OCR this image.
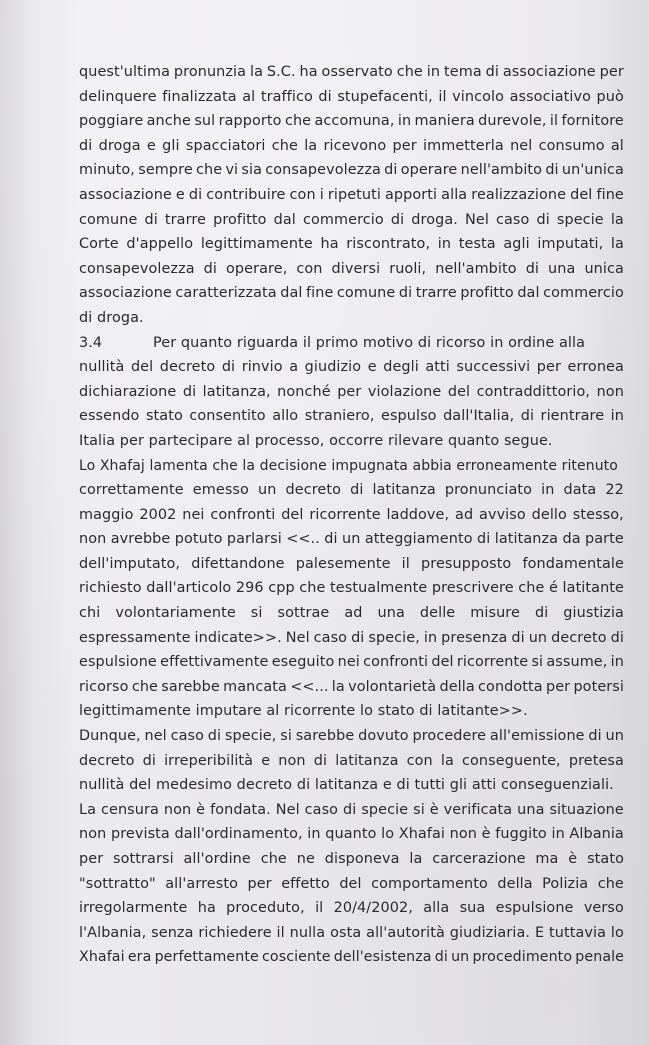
quest'ultima pronunzia la S.C. ha osservato che in tema di associazione per
delinquere finalizzata al traffico di stupefacenti, il vincolo associativo può
poggiare anche sul rapporto che accomuna, in maniera durevole, il fornitore
di droga e gli spacciatori che la ricevono per immetterla nel consumo al
minuto, sempre che vi sia consapevolezza di operare nell'ambito di un'unica
associazione e di contribuire con i ripetuti apporti alla realizzazione del fine
comune di trarre profitto dal commercio di droga. Nel caso di specie la
Corte d'appello legittimamente ha riscontrato, in testa agli imputati, la
consapevolezza di operare, con diversi ruoli, nell'ambito di una unica
associazione caratterizzata dal fine comune di trarre profitto dal commercio
di droga.
3.4	Per quanto riguarda il primo motivo di ricorso in ordine alla
nullità del decreto di rinvio a giudizio e degli atti successivi per erronea
dichiarazione di latitanza, nonché per violazione del contraddittorio, non
essendo stato consentito allo straniero, espulso dall'Italia, di rientrare in
Italia per partecipare al processo, occorre rilevare quanto segue.
Lo Xhafaj lamenta che la decisione impugnata abbia erroneamente ritenuto
correttamente emesso un decreto di latitanza pronunciato in data 22
maggio 2002 nei confronti del ricorrente laddove, ad avviso dello stesso,
non avrebbe potuto parlarsi <<.. di un atteggiamento di latitanza da parte
dell'imputato, difettandone palesemente il presupposto fondamentale
richiesto dall'articolo 296 cpp che testualmente prescrivere che é latitante
chi volontariamente si sottrae ad una delle misure di giustizia
espressamente indicate>>. Nel caso di specie, in presenza di un decreto di
espulsione effettivamente eseguito nei confronti del ricorrente si assume, in
ricorso che sarebbe mancata <<... la volontarietà della condotta per potersi
legittimamente imputare al ricorrente lo stato di latitante>>.
Dunque, nel caso di specie, si sarebbe dovuto procedere all'emissione di un
decreto di irreperibilità e non di latitanza con la conseguente, pretesa
nullità del medesimo decreto di latitanza e di tutti gli atti conseguenziali.
La censura non è fondata. Nel caso di specie si è verificata una situazione
non prevista dall'ordinamento, in quanto lo Xhafai non è fuggito in Albania
per sottrarsi all'ordine che ne disponeva la carcerazione ma è stato
"sottratto" all'arresto per effetto del comportamento della Polizia che
irregolarmente ha proceduto, il 20/4/2002, alla sua espulsione verso
l'Albania, senza richiedere il nulla osta all'autorità giudiziaria. E tuttavia lo
Xhafai era perfettamente cosciente dell'esistenza di un procedimento penale
